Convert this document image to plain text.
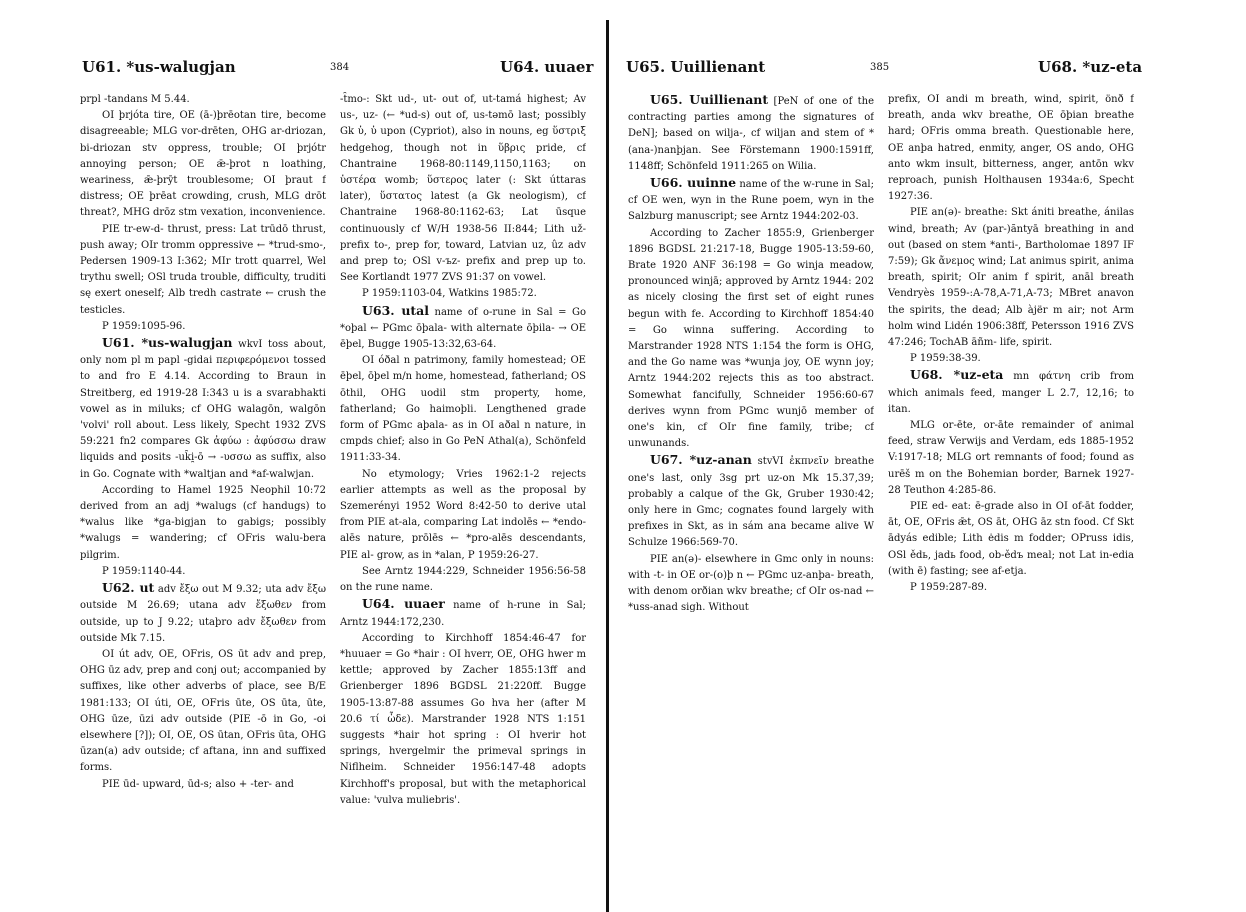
U61. *us-walugjan	384	U64. uuaer

prpl -tandans M 5.44.

OI þrjóta tire, OE (ā-)þrēotan tire, become disagreeable; MLG vor-drēten, OHG ar-driozan, bi-driozan stv oppress, trouble; OI þrjótr annoying person; OE ǣ-þrot n loathing, weariness, ǣ-þrȳt troublesome; OI þraut f distress; OE þrēat crowding, crush, MLG drōt threat?, MHG drōz stm vexation, inconvenience.

PIE tr-ew-d- thrust, press: Lat trūdō thrust, push away; OIr tromm oppressive ← *trud-smo-, Pedersen 1909-13 I:362; MIr trott quarrel, Wel trythu swell; OSl truda trouble, difficulty, truditi sę exert oneself; Alb tredh castrate ← crush the testicles.

P 1959:1095-96.

U61. *us-walugjan wkvI toss about, only nom pl m papl -gidai περιφερόμενοι tossed to and fro E 4.14. According to Braun in Streitberg, ed 1919-28 I:343 u is a svarabhakti vowel as in miluks; cf OHG walagōn, walgōn 'volvi' roll about. Less likely, Specht 1932 ZVS 59:221 fn2 compares Gk ἀφύω : ἀφύσσω draw liquids and posits -uk̑i̯-ō → -υσσω as suffix, also in Go. Cognate with *waltjan and *af-walwjan.

According to Hamel 1925 Neophil 10:72 derived from an adj *walugs (cf handugs) to *walus like *ga-bigjan to gabigs; possibly *walugs = wandering; cf OFris walu-bera pilgrim.

P 1959:1140-44.

U62. ut adv ἔξω out M 9.32; uta adv ἔξω outside M 26.69; utana adv ἔξωθεν from outside, up to J 9.22; utaþro adv ἔξωθεν from outside Mk 7.15.

OI út adv, OE, OFris, OS ūt adv and prep, OHG ūz adv, prep and conj out; accompanied by suffixes, like other adverbs of place, see B/E 1981:133; OI úti, OE, OFris ūte, OS ūta, ūte, OHG ūze, ūzi adv outside (PIE -ō in Go, -oi elsewhere [?]); OI, OE, OS ūtan, OFris ūta, OHG ūzan(a) adv outside; cf aftana, inn and suffixed forms.

PIE ūd- upward, ūd-s; also + -ter- and

-t̑mo-: Skt ud-, ut- out of, ut-tamá highest; Av us-, uz- (← *ud-s) out of, us-tәmō last; possibly Gk ὑ, ὐ upon (Cypriot), also in nouns, eg ὕστριξ hedgehog, though not in ὕβρις pride, cf Chantraine 1968-80:1149,1150,1163; on ὑστέρα womb; ὕστερος later (: Skt úttaras later), ὕστατος latest (a Gk neologism), cf Chantraine 1968-80:1162-63; Lat ūsque continuously cf W/H 1938-56 II:844; Lith už-prefix to-, prep for, toward, Latvian uz, ûz adv and prep to; OSl v-ъz- prefix and prep up to. See Kortlandt 1977 ZVS 91:37 on vowel.

P 1959:1103-04, Watkins 1985:72.

U63. utal name of o-rune in Sal = Go *oþal ← PGmc ōþala- with alternate ōþila- → OE ēþel, Bugge 1905-13:32,63-64.

OI óðal n patrimony, family homestead; OE ēþel, ōþel m/n home, homestead, fatherland; OS ōthil, OHG uodil stm property, home, fatherland; Go haimoþli. Lengthened grade form of PGmc aþala- as in OI aðal n nature, in cmpds chief; also in Go PeN Athal(a), Schönfeld 1911:33-34.

No etymology; Vries 1962:1-2 rejects earlier attempts as well as the proposal by Szemerényi 1952 Word 8:42-50 to derive utal from PIE at-ala, comparing Lat indolēs ← *endo-alēs nature, prōlēs ← *pro-alēs descendants, PIE al- grow, as in *alan, P 1959:26-27.

See Arntz 1944:229, Schneider 1956:56-58 on the rune name.

U64. uuaer name of h-rune in Sal; Arntz 1944:172,230.

According to Kirchhoff 1854:46-47 for *huuaer = Go *hair : OI hverr, OE, OHG hwer m kettle; approved by Zacher 1855:13ff and Grienberger 1896 BGDSL 21:220ff. Bugge 1905-13:87-88 assumes Go hva her (after M 20.6 τί ὧδε). Marstrander 1928 NTS 1:151 suggests *hair hot spring : OI hverir hot springs, hvergelmir the primeval springs in Niflheim. Schneider 1956:147-48 adopts Kirchhoff's proposal, but with the metaphorical value: 'vulva muliebris'.

U65. Uuillienant	385	U68. *uz-eta

U65. Uuillienant [PeN of one of the contracting parties among the signatures of DeN]; based on wilja-, cf wiljan and stem of *(ana-)nanþjan. See Förstemann 1900:1591ff, 1148ff; Schönfeld 1911:265 on Wilia.

U66. uuinne name of the w-rune in Sal; cf OE wen, wyn in the Rune poem, wyn in the Salzburg manuscript; see Arntz 1944:202-03.

According to Zacher 1855:9, Grienberger 1896 BGDSL 21:217-18, Bugge 1905-13:59-60, Brate 1920 ANF 36:198 = Go winja meadow, pronounced winjā; approved by Arntz 1944: 202 as nicely closing the first set of eight runes begun with fe. According to Kirchhoff 1854:40 = Go winna suffering. According to Marstrander 1928 NTS 1:154 the form is OHG, and the Go name was *wunja joy, OE wynn joy; Arntz 1944:202 rejects this as too abstract. Somewhat fancifully, Schneider 1956:60-67 derives wynn from PGmc wunjō member of one's kin, cf OIr fine family, tribe; cf unwunands.

U67. *uz-anan stvVI ἐκπνεῖν breathe one's last, only 3sg prt uz-on Mk 15.37,39; probably a calque of the Gk, Gruber 1930:42; only here in Gmc; cognates found largely with prefixes in Skt, as in sám ana became alive W Schulze 1966:569-70.

PIE an(ǝ)- elsewhere in Gmc only in nouns: with -t- in OE or-(o)þ n ← PGmc uz-anþa- breath, with denom orðian wkv breathe; cf OIr os-nad ← *uss-anad sigh. Without

prefix, OI andi m breath, wind, spirit, önð f breath, anda wkv breathe, OE ōþian breathe hard; OFris omma breath. Questionable here, OE anþa hatred, enmity, anger, OS ando, OHG anto wkm insult, bitterness, anger, antōn wkv reproach, punish Holthausen 1934a:6, Specht 1927:36.

PIE an(ǝ)- breathe: Skt ániti breathe, ánilas wind, breath; Av (par-)ãntyā breathing in and out (based on stem *anti-, Bartholomae 1897 IF 7:59); Gk ἄνεμος wind; Lat animus spirit, anima breath, spirit; OIr anim f spirit, anāl breath Vendryès 1959-:A-78,A-71,A-73; MBret anavon the spirits, the dead; Alb àjër m air; not Arm holm wind Lidén 1906:38ff, Petersson 1916 ZVS 47:246; TochAB āñm- life, spirit.

P 1959:38-39.

U68. *uz-eta mn φάτνη crib from which animals feed, manger L 2.7, 12,16; to itan.

MLG or-ēte, or-āte remainder of animal feed, straw Verwijs and Verdam, eds 1885-1952 V:1917-18; MLG ort remnants of food; found as urēš m on the Bohemian border, Barnek 1927-28 Teuthon 4:285-86.

PIE ed- eat: ē-grade also in OI of-āt fodder, āt, OE, OFris ǣt, OS āt, OHG āz stn food. Cf Skt ādyás edible; Lith ėdis m fodder; OPruss idis, OSl ědь, jadь food, ob-ědъ meal; not Lat in-edia (with ē) fasting; see af-etja.

P 1959:287-89.
